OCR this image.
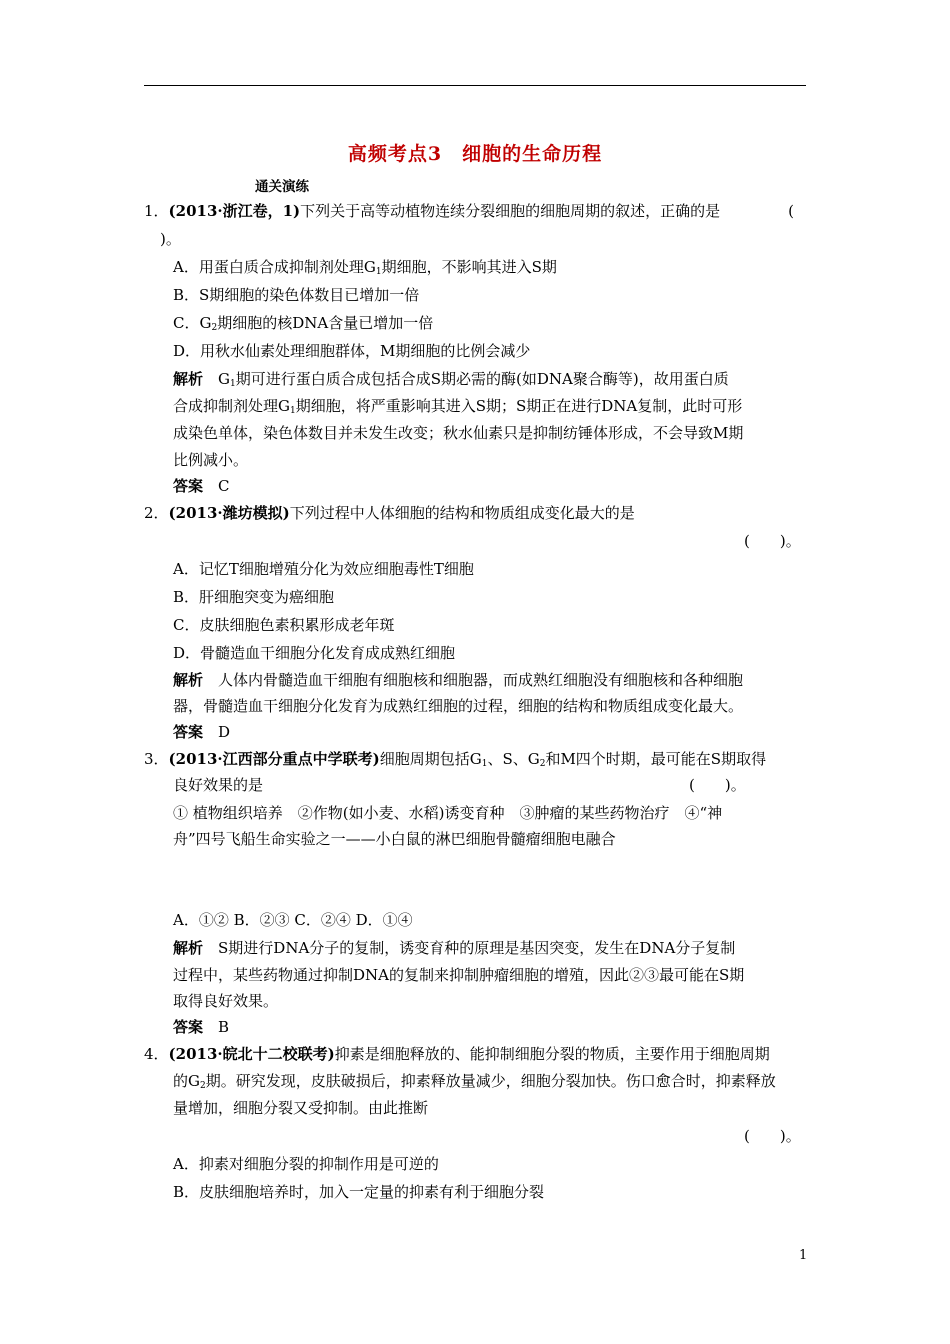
高频考点3　细胞的生命历程
通关演练
1．(2013·浙江卷，1)下列关于高等动植物连续分裂细胞的细胞周期的叙述，正确的是	(
)。
A．用蛋白质合成抑制剂处理$G_1$期细胞，不影响其进入S期
B．S期细胞的染色体数目已增加一倍
C．$G_2$期细胞的核DNA含量已增加一倍
D．用秋水仙素处理细胞群体，M期细胞的比例会减少
解析　 $G_1$期可进行蛋白质合成包括合成S期必需的酶(如DNA聚合酶等)，故用蛋白质
合成抑制剂处理$G_1$期细胞，将严重影响其进入S期；S期正在进行DNA复制，此时可形
成染色单体，染色体数目并未发生改变；秋水仙素只是抑制纺锤体形成，不会导致M期
比例减小。
答案　 C
2．(2013·潍坊模拟)下列过程中人体细胞的结构和物质组成变化最大的是
(　　)。
A．记忆T细胞增殖分化为效应细胞毒性T细胞
B．肝细胞突变为癌细胞
C．皮肤细胞色素积累形成老年斑
D．骨髓造血干细胞分化发育成成熟红细胞
解析　 人体内骨髓造血干细胞有细胞核和细胞器，而成熟红细胞没有细胞核和各种细胞
器，骨髓造血干细胞分化发育为成熟红细胞的过程，细胞的结构和物质组成变化最大。
答案　 D
3．(2013·江西部分重点中学联考)细胞周期包括$G_1$、S、$G_2$和M四个时期，最可能在S期取得
良好效果的是	(　　)。
① 植物组织培养　②作物(如小麦、水稻)诱变育种　③肿瘤的某些药物治疗　④“神
舟”四号飞船生命实验之一——小白鼠的淋巴细胞骨髓瘤细胞电融合
A．①② B．②③ C．②④ D．①④
解析　 S期进行DNA分子的复制，诱变育种的原理是基因突变，发生在DNA分子复制
过程中，某些药物通过抑制DNA的复制来抑制肿瘤细胞的增殖，因此②③最可能在S期
取得良好效果。
答案　 B
4．(2013·皖北十二校联考)抑素是细胞释放的、能抑制细胞分裂的物质，主要作用于细胞周期
的$G_2$期。研究发现，皮肤破损后，抑素释放量减少，细胞分裂加快。伤口愈合时，抑素释放
量增加，细胞分裂又受抑制。由此推断
(　　)。
A．抑素对细胞分裂的抑制作用是可逆的
B．皮肤细胞培养时，加入一定量的抑素有利于细胞分裂
1
